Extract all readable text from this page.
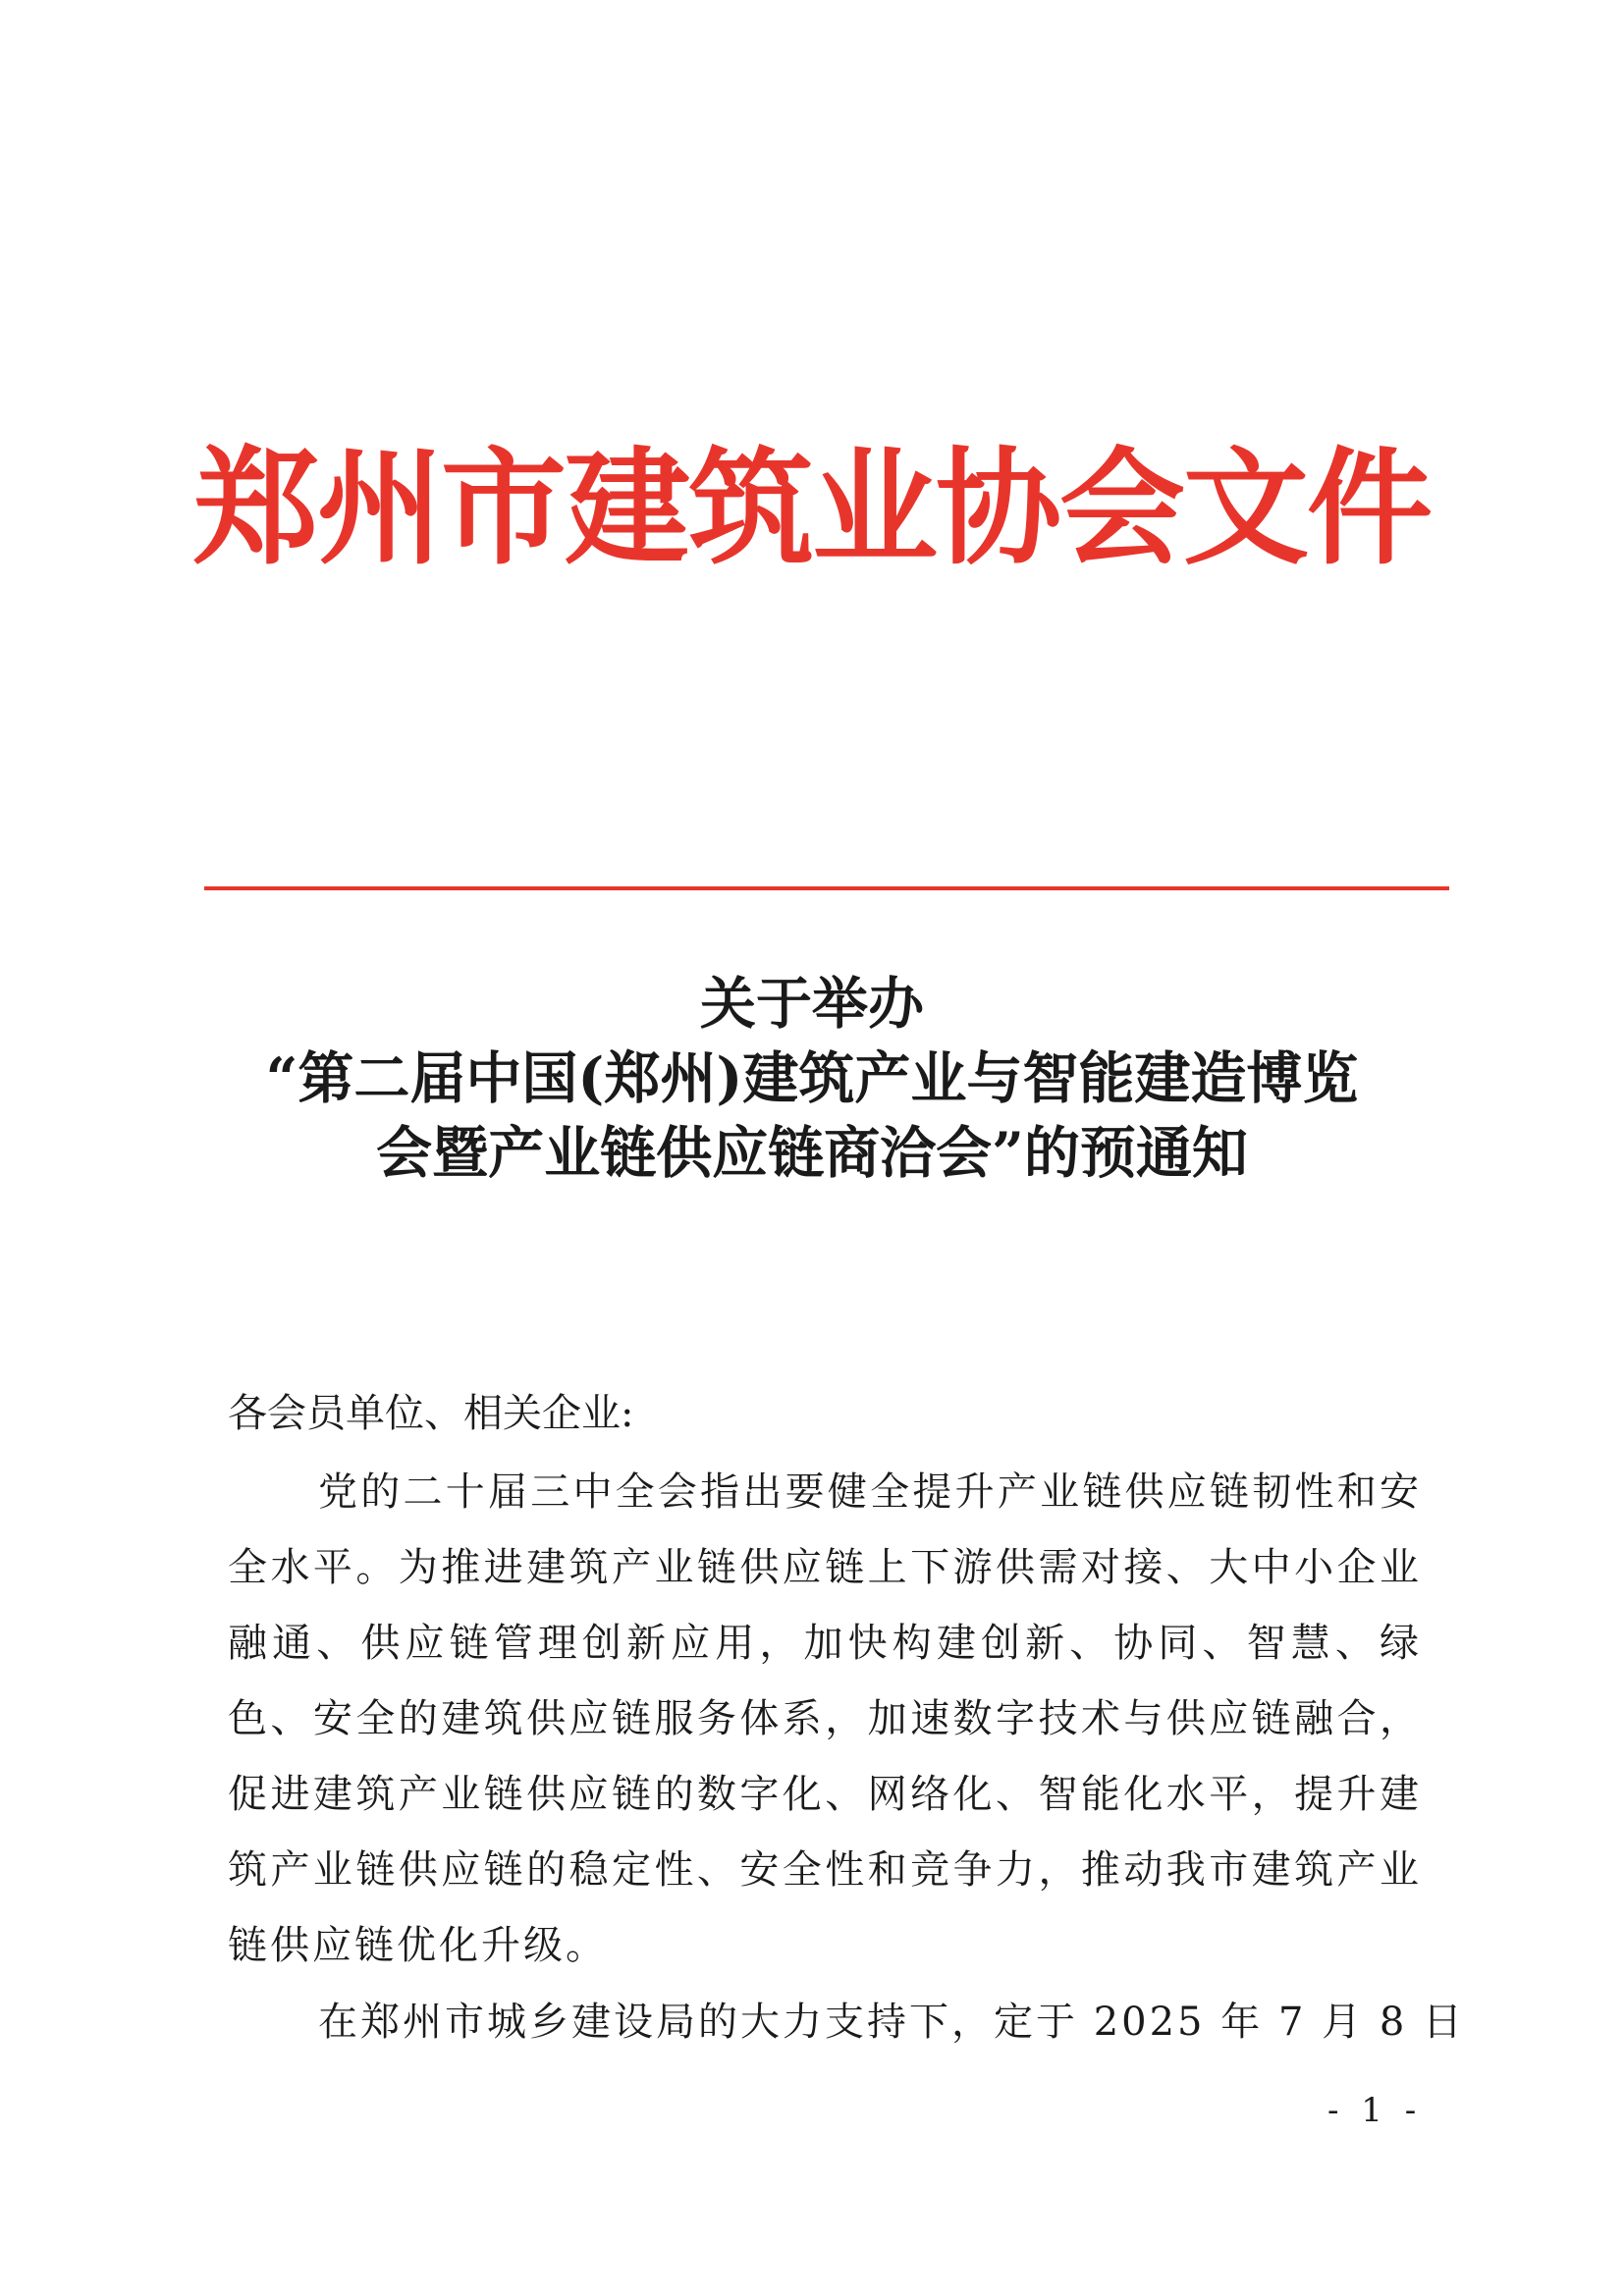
郑州市建筑业协会文件
关于举办
“第二届中国(郑州)建筑产业与智能建造博览
会暨产业链供应链商洽会”的预通知
各会员单位、相关企业:
党的二十届三中全会指出要健全提升产业链供应链韧性和安全水平。为推进建筑产业链供应链上下游供需对接、大中小企业融通、供应链管理创新应用，加快构建创新、协同、智慧、绿色、安全的建筑供应链服务体系，加速数字技术与供应链融合，促进建筑产业链供应链的数字化、网络化、智能化水平，提升建筑产业链供应链的稳定性、安全性和竞争力，推动我市建筑产业链供应链优化升级。
在郑州市城乡建设局的大力支持下，定于 2025 年 7 月 8 日
- 1 -
